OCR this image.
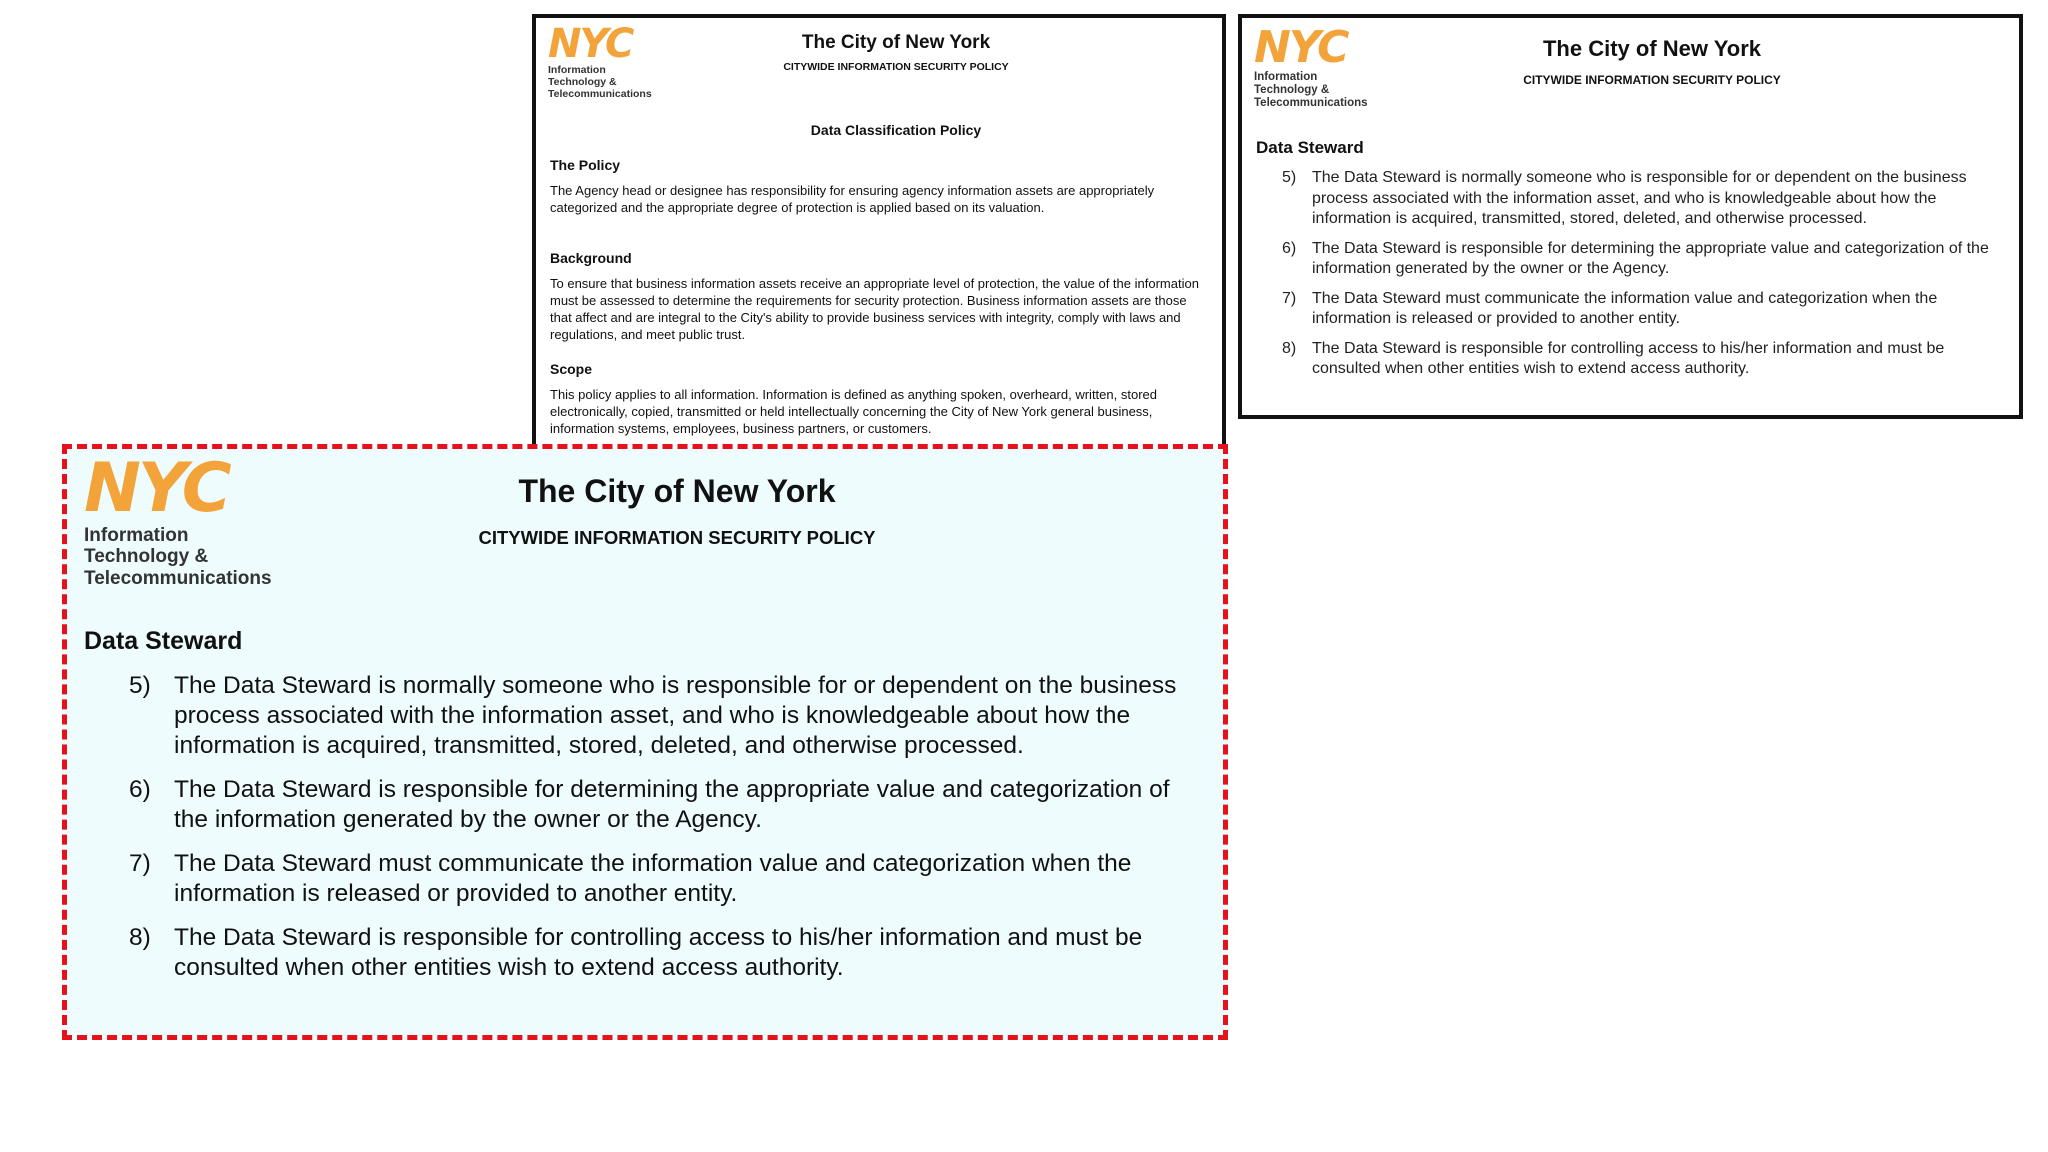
NYC
Information
Technology &
Telecommunications
The City of New York
CITYWIDE INFORMATION SECURITY POLICY
Data Classification Policy
The Policy

The Agency head or designee has responsibility for ensuring agency information assets are appropriately categorized and the appropriate degree of protection is applied based on its valuation.

Background

To ensure that business information assets receive an appropriate level of protection, the value of the information must be assessed to determine the requirements for security protection. Business information assets are those that affect and are integral to the City's ability to provide business services with integrity, comply with laws and regulations, and meet public trust.

Scope

This policy applies to all information. Information is defined as anything spoken, overheard, written, stored electronically, copied, transmitted or held intellectually concerning the City of New York general business, information systems, employees, business partners, or customers.

NYC
Information
Technology &
Telecommunications
The City of New York
CITYWIDE INFORMATION SECURITY POLICY
Data Steward
5) The Data Steward is normally someone who is responsible for or dependent on the business process associated with the information asset, and who is knowledgeable about how the information is acquired, transmitted, stored, deleted, and otherwise processed.
6) The Data Steward is responsible for determining the appropriate value and categorization of the information generated by the owner or the Agency.
7) The Data Steward must communicate the information value and categorization when the information is released or provided to another entity.
8) The Data Steward is responsible for controlling access to his/her information and must be consulted when other entities wish to extend access authority.
NYC
Information
Technology &
Telecommunications
The City of New York
CITYWIDE INFORMATION SECURITY POLICY
Data Steward
5) The Data Steward is normally someone who is responsible for or dependent on the business process associated with the information asset, and who is knowledgeable about how the information is acquired, transmitted, stored, deleted, and otherwise processed.
6) The Data Steward is responsible for determining the appropriate value and categorization of the information generated by the owner or the Agency.
7) The Data Steward must communicate the information value and categorization when the information is released or provided to another entity.
8) The Data Steward is responsible for controlling access to his/her information and must be consulted when other entities wish to extend access authority.
